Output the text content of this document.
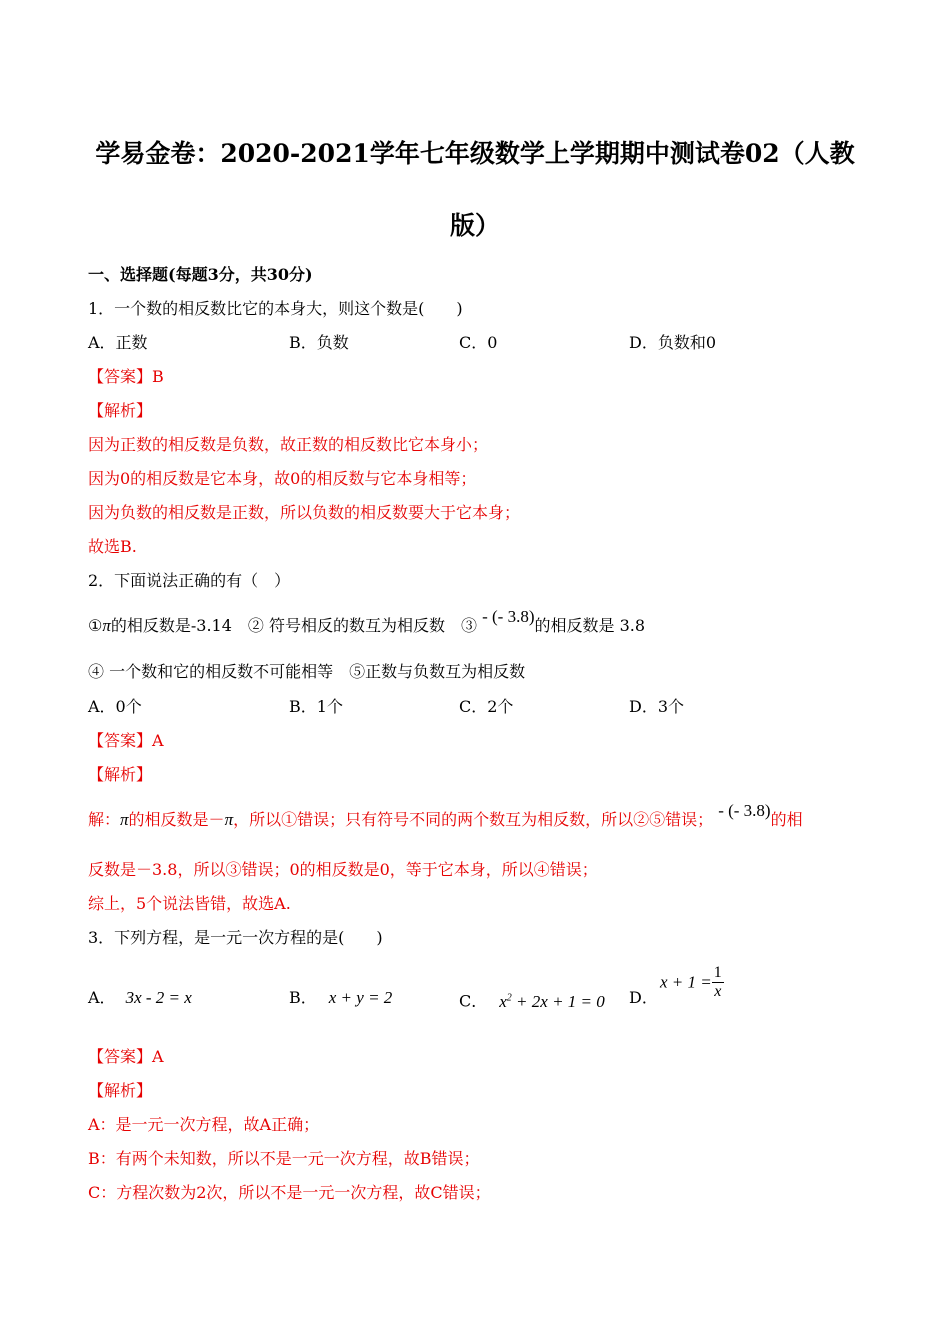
学易金卷：2020-2021学年七年级数学上学期期中测试卷02（人教
版）
一、选择题(每题3分，共30分)
1．一个数的相反数比它的本身大，则这个数是(　　)
A．正数	B．负数	C．0	D．负数和0
【答案】B
【解析】
因为正数的相反数是负数，故正数的相反数比它本身小；
因为0的相反数是它本身，故0的相反数与它本身相等；
因为负数的相反数是正数，所以负数的相反数要大于它本身；
故选B.
2．下面说法正确的有（　）
①π的相反数是-3.14　② 符号相反的数互为相反数　③ - (- 3.8)的相反数是 3.8
④ 一个数和它的相反数不可能相等　⑤正数与负数互为相反数
A．0个	B．1个	C．2个	D．3个
【答案】A
【解析】
解：π的相反数是－π，所以①错误；只有符号不同的两个数互为相反数，所以②⑤错误； - (- 3.8)的相
反数是－3.8，所以③错误；0的相反数是0，等于它本身，所以④错误；
综上，5个说法皆错，故选A.
3．下列方程，是一元一次方程的是(　　)
A． 3x - 2 = x	B． x + y = 2	C． $x^2 + 2x + 1 = 0$ D．
$x + 1 = \frac{1}{x}$
【答案】A
【解析】
A：是一元一次方程，故A正确；
B：有两个未知数，所以不是一元一次方程，故B错误；
C：方程次数为2次，所以不是一元一次方程，故C错误；
